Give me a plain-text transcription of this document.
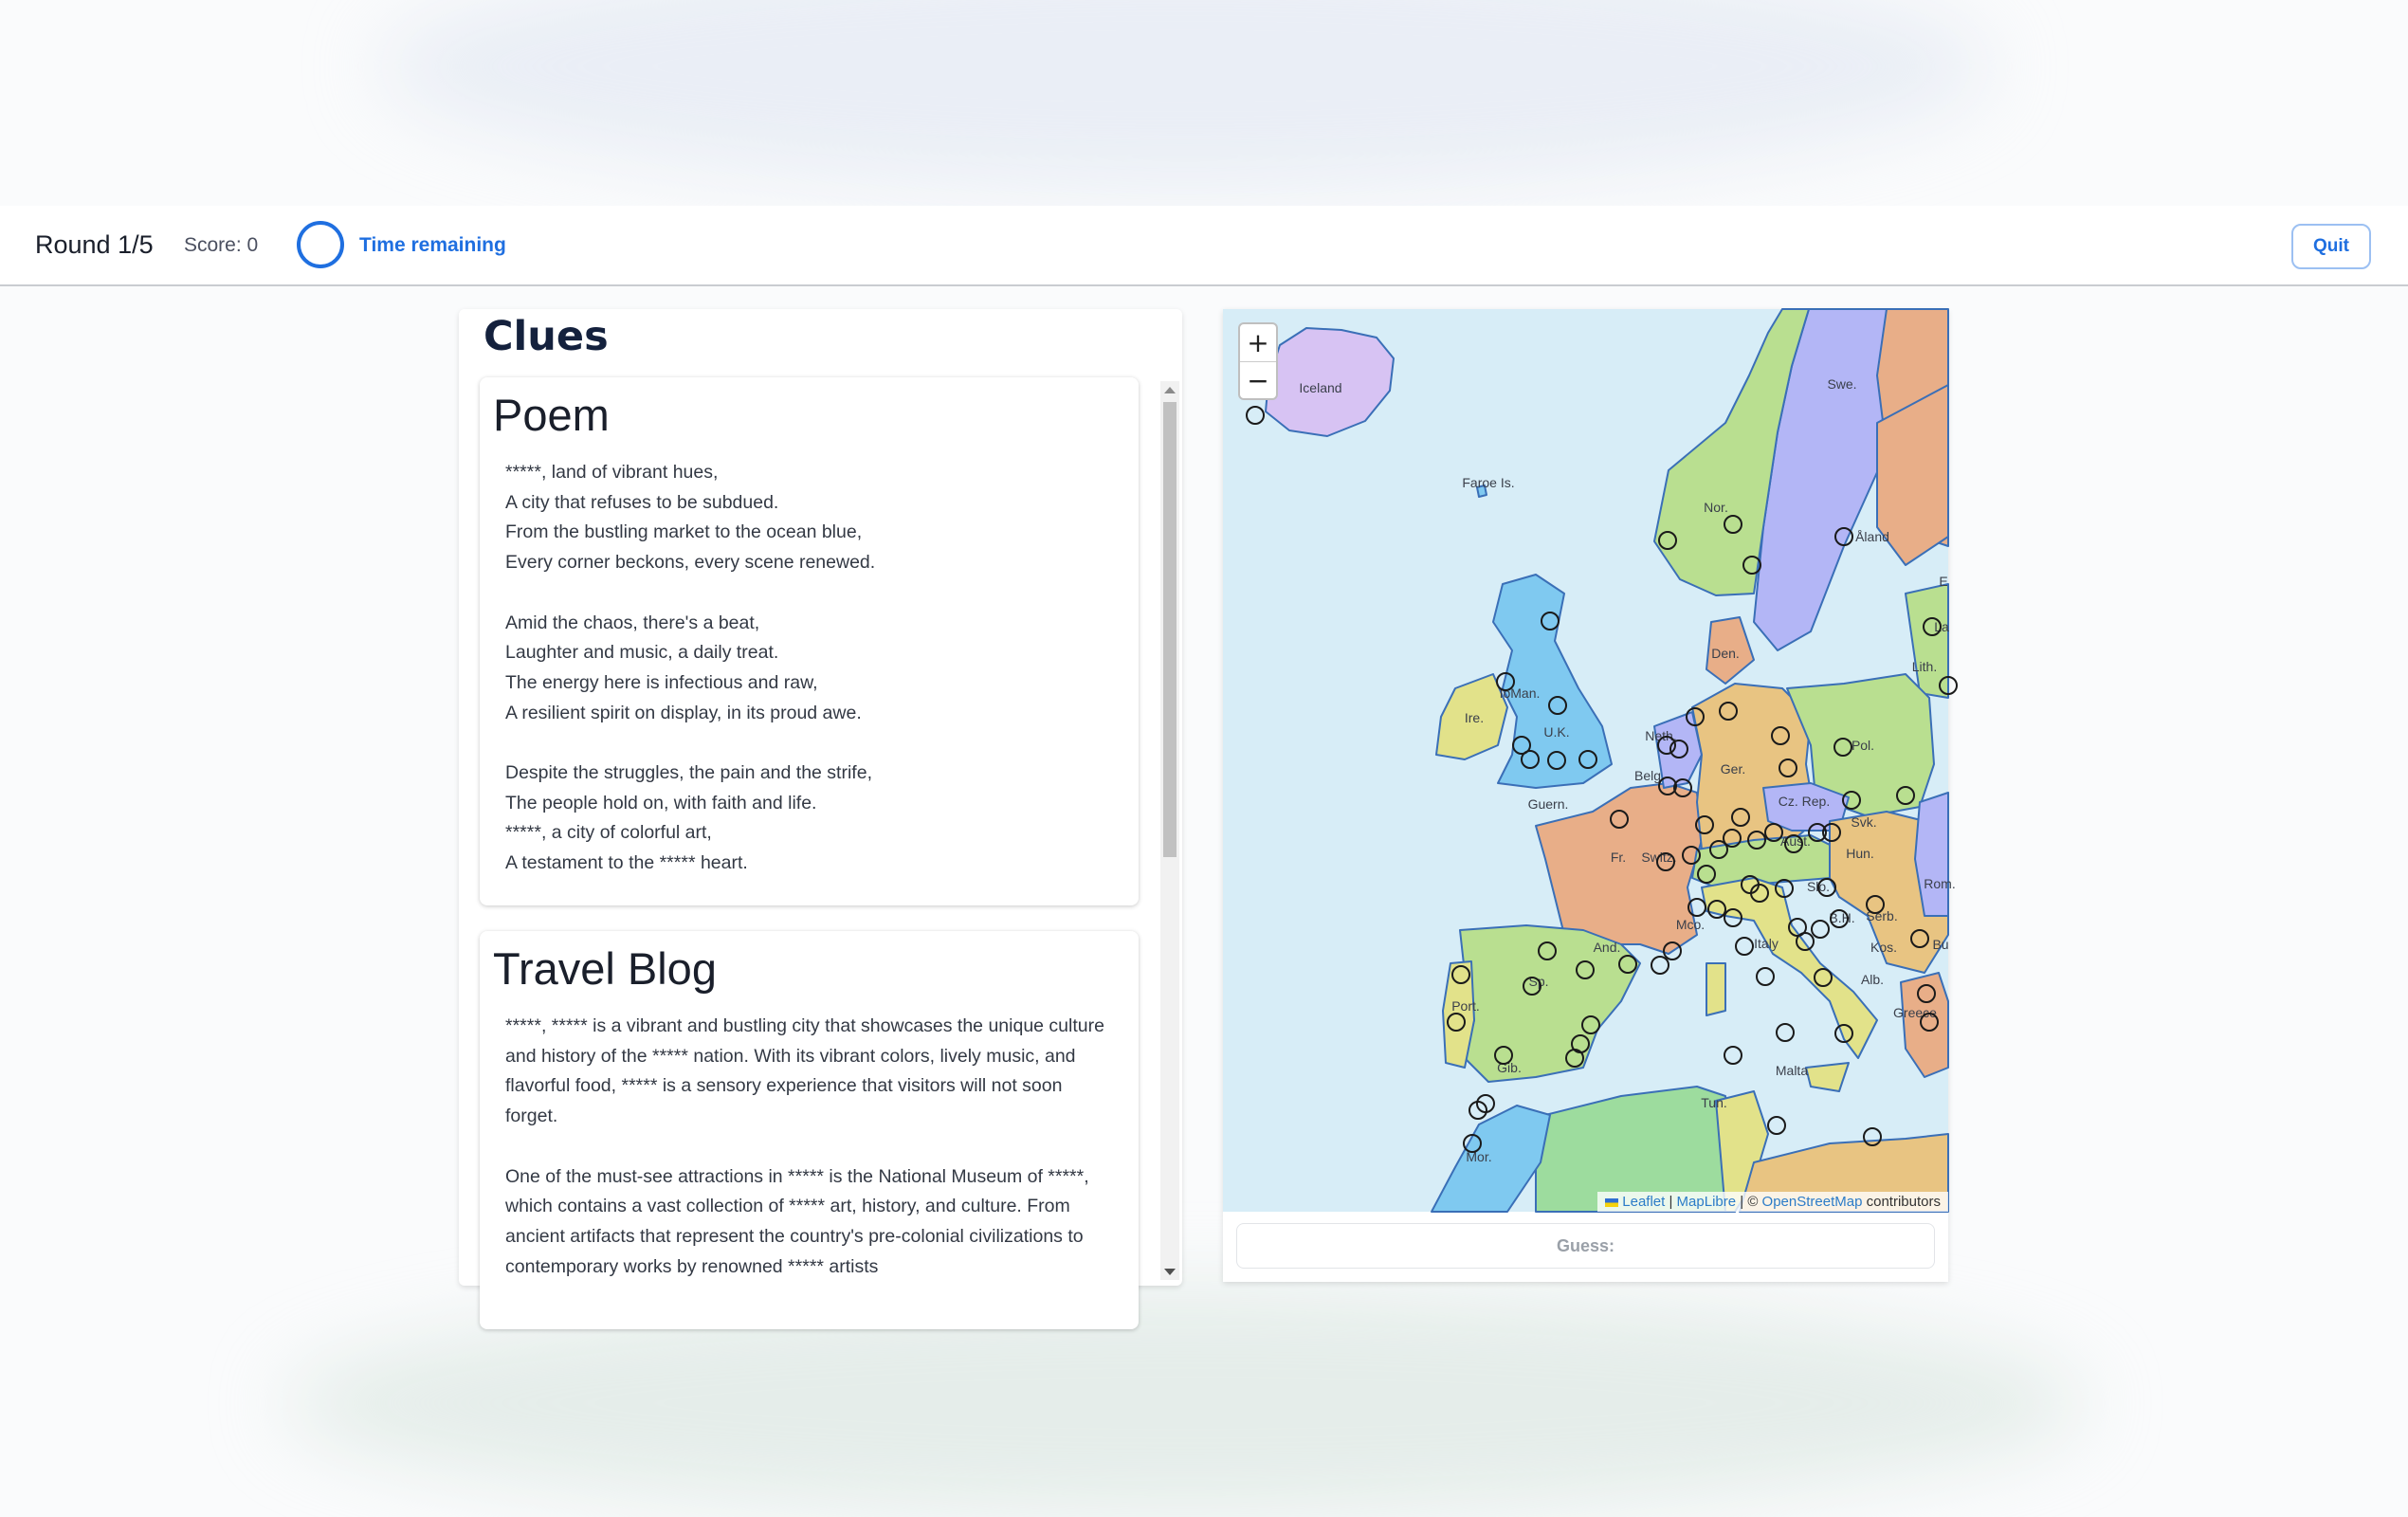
Round 1/5 Score: 0	Time remaining	Quit
Clues
Poem

*****, land of vibrant hues,
A city that refuses to be subdued.
From the bustling market to the ocean blue,
Every corner beckons, every scene renewed.

Amid the chaos, there's a beat,
Laughter and music, a daily treat.
The energy here is infectious and raw,
A resilient spirit on display, in its proud awe.

Despite the struggles, the pain and the strife,
The people hold on, with faith and life.
*****, a city of colorful art,
A testament to the ***** heart.

Travel Blog

*****, ***** is a vibrant and bustling city that showcases the unique culture and history of the ***** nation. With its vibrant colors, lively music, and flavorful food, ***** is a sensory experience that visitors will not soon forget.

One of the must-see attractions in ***** is the National Museum of *****, which contains a vast collection of ***** art, history, and culture. From ancient artifacts that represent the country's pre-colonial civilizations to contemporary works by renowned ***** artists

Iceland
Faroe Is.
Swe.
Nor.
Åland
Den.
Lith.
Ire.
IoMan.
U.K.	Neth.
Belg.	Ger.
Pol.
Guern.	Cz. Rep.
Svk.
Fr. Switz.
Aust.
Hun.
Slo.	Rom.
B.H. Serb.
Mco.
Italy	Kos.	Bu
And.
Sp.	Alb.
Port.	Greece
Gib.	Malta
Tun.
Mor.
E
La
+
−
Leaflet | MapLibre | © OpenStreetMap contributors
Guess:
